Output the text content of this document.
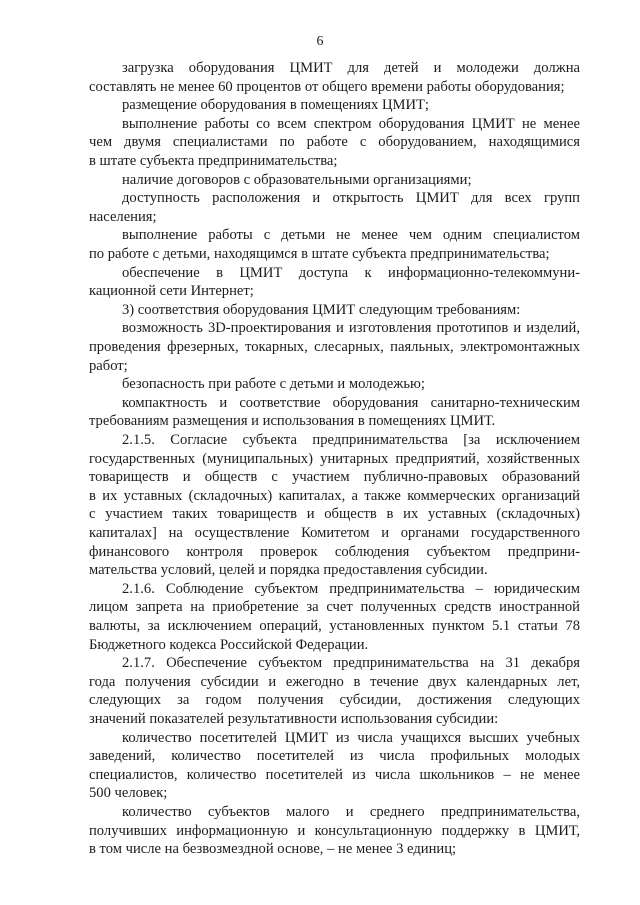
6
загрузка оборудования ЦМИТ для детей и молодежи должна
составлять не менее 60 процентов от общего времени работы оборудования;
размещение оборудования в помещениях ЦМИТ;
выполнение работы со всем спектром оборудования ЦМИТ не менее
чем двумя специалистами по работе с оборудованием, находящимися
в штате субъекта предпринимательства;
наличие договоров с образовательными организациями;
доступность расположения и открытость ЦМИТ для всех групп
населения;
выполнение работы с детьми не менее чем одним специалистом
по работе с детьми, находящимся в штате субъекта предпринимательства;
обеспечение в ЦМИТ доступа к информационно-телекоммуни-
кационной сети Интернет;
3) соответствия оборудования ЦМИТ следующим требованиям:
возможность 3D-проектирования и изготовления прототипов и изделий,
проведения фрезерных, токарных, слесарных, паяльных, электромонтажных
работ;
безопасность при работе с детьми и молодежью;
компактность и соответствие оборудования санитарно-техническим
требованиям размещения и использования в помещениях ЦМИТ.
2.1.5. Согласие субъекта предпринимательства [за исключением
государственных (муниципальных) унитарных предприятий, хозяйственных
товариществ и обществ с участием публично-правовых образований
в их уставных (складочных) капиталах, а также коммерческих организаций
с участием таких товариществ и обществ в их уставных (складочных)
капиталах] на осуществление Комитетом и органами государственного
финансового контроля проверок соблюдения субъектом предприни-
мательства условий, целей и порядка предоставления субсидии.
2.1.6. Соблюдение субъектом предпринимательства – юридическим
лицом запрета на приобретение за счет полученных средств иностранной
валюты, за исключением операций, установленных пунктом 5.1 статьи 78
Бюджетного кодекса Российской Федерации.
2.1.7. Обеспечение субъектом предпринимательства на 31 декабря
года получения субсидии и ежегодно в течение двух календарных лет,
следующих за годом получения субсидии, достижения следующих
значений показателей результативности использования субсидии:
количество посетителей ЦМИТ из числа учащихся высших учебных
заведений, количество посетителей из числа профильных молодых
специалистов, количество посетителей из числа школьников – не менее
500 человек;
количество субъектов малого и среднего предпринимательства,
получивших информационную и консультационную поддержку в ЦМИТ,
в том числе на безвозмездной основе, – не менее 3 единиц;
